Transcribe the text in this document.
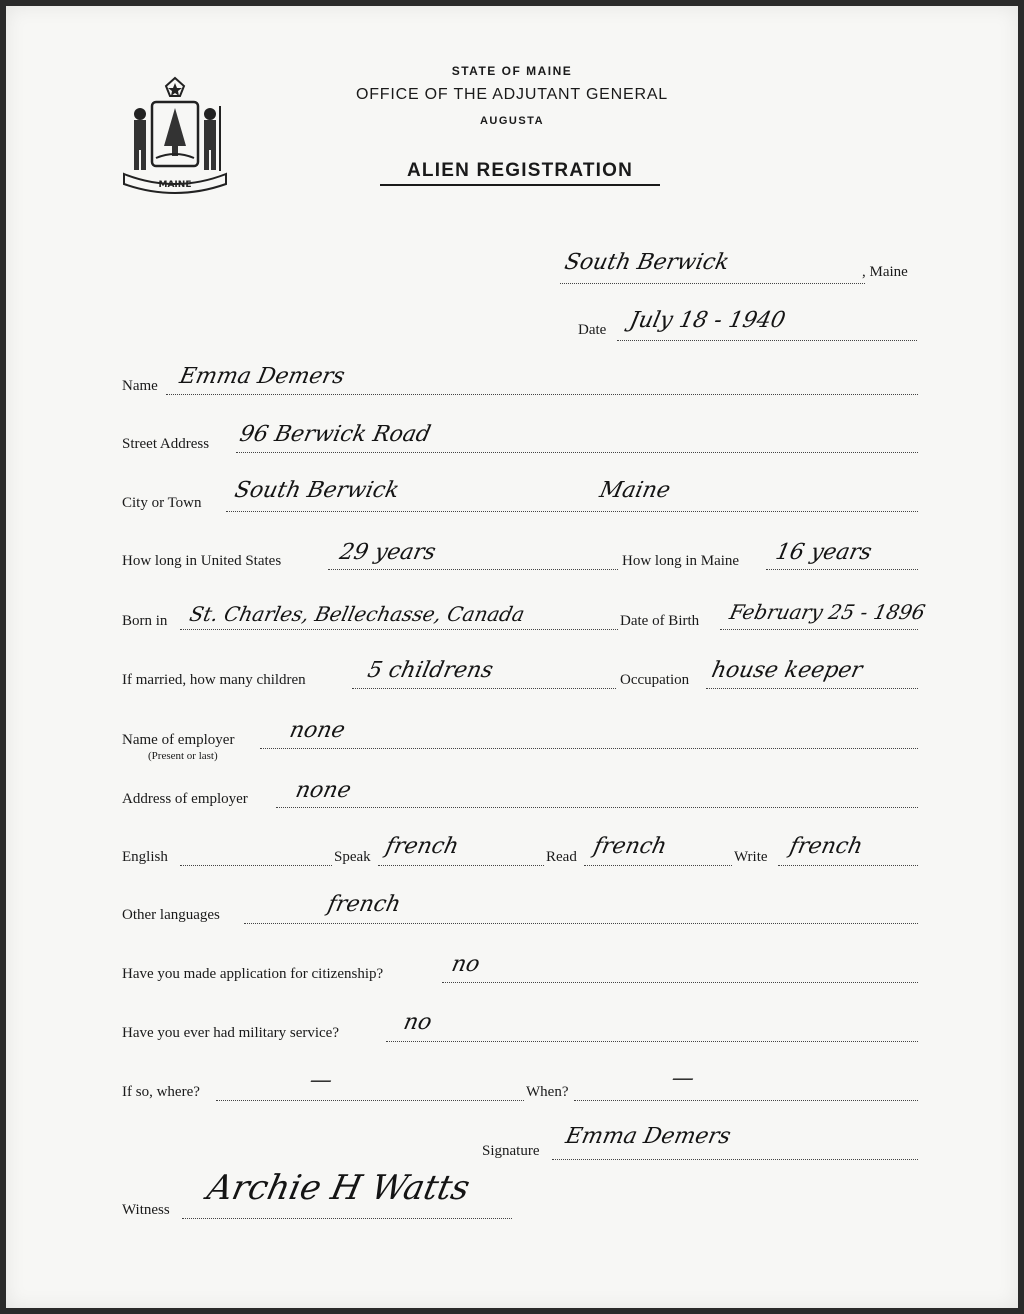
MAINE
STATE OF MAINE
OFFICE OF THE ADJUTANT GENERAL
AUGUSTA
ALIEN REGISTRATION
South Berwick	, Maine
Date July 18 - 1940
Name Emma Demers
Street Address 96 Berwick Road
City or Town South Berwick	Maine
How long in United States	29 years	How long in Maine 16 years
Born in St. Charles, Bellechasse, Canada	Date of Birth February 25 - 1896
If married, how many children	5 childrens	Occupation house keeper
Name of employer
(Present or last)
none
Address of employer none
English	Speak french	Read french	Write french
Other languages	french
Have you made application for citizenship?	no
Have you ever had military service?	no
If so, where?	—	When?
—
Signature
Emma Demers
Witness
Archie H Watts
